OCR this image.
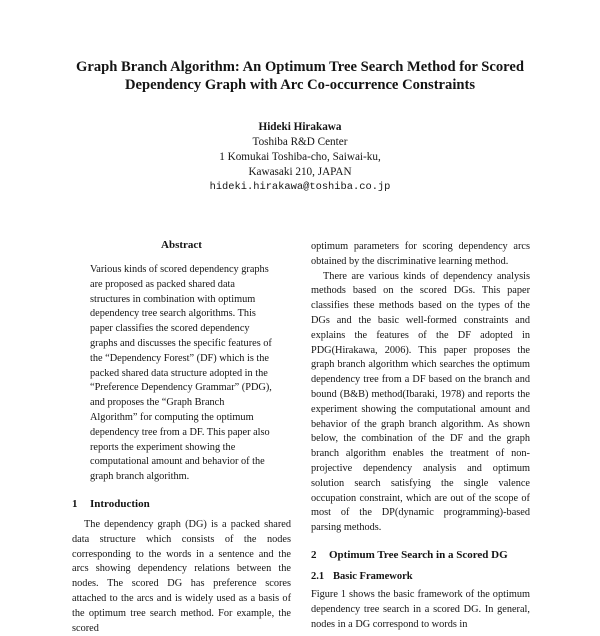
Graph Branch Algorithm: An Optimum Tree Search Method for Scored
Dependency Graph with Arc Co-occurrence Constraints
Hideki Hirakawa
Toshiba R&D Center
1 Komukai Toshiba-cho, Saiwai-ku,
Kawasaki 210, JAPAN
hideki.hirakawa@toshiba.co.jp
Abstract

Various kinds of scored dependency graphs are proposed as packed shared data structures in combination with optimum dependency tree search algorithms. This paper classifies the scored dependency graphs and discusses the specific features of the “Dependency Forest” (DF) which is the packed shared data structure adopted in the “Preference Dependency Grammar” (PDG), and proposes the “Graph Branch Algorithm” for computing the optimum dependency tree from a DF. This paper also reports the experiment showing the computational amount and behavior of the graph branch algorithm.

1 Introduction

The dependency graph (DG) is a packed shared data structure which consists of the nodes corresponding to the words in a sentence and the arcs showing dependency relations between the nodes. The scored DG has preference scores attached to the arcs and is widely used as a basis of the optimum tree search method. For example, the scored

optimum parameters for scoring dependency arcs obtained by the discriminative learning method.

There are various kinds of dependency analysis methods based on the scored DGs. This paper classifies these methods based on the types of the DGs and the basic well-formed constraints and explains the features of the DF adopted in PDG(Hirakawa, 2006). This paper proposes the graph branch algorithm which searches the optimum dependency tree from a DF based on the branch and bound (B&B) method(Ibaraki, 1978) and reports the experiment showing the computational amount and behavior of the graph branch algorithm. As shown below, the combination of the DF and the graph branch algorithm enables the treatment of non-projective dependency analysis and optimum solution search satisfying the single valence occupation constraint, which are out of the scope of most of the DP(dynamic programming)-based parsing methods.

2 Optimum Tree Search in a Scored DG
2.1 Basic Framework

Figure 1 shows the basic framework of the optimum dependency tree search in a scored DG. In general, nodes in a DG correspond to words in
